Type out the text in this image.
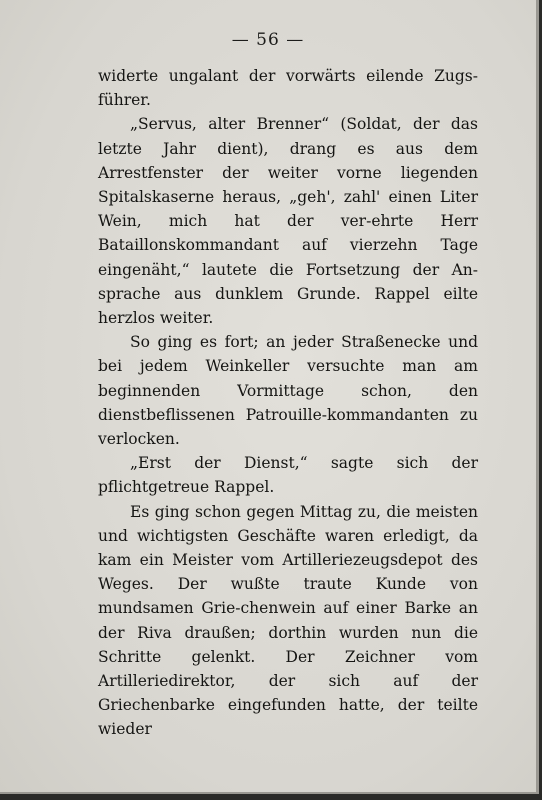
— 56 —

widerte ungalant der vorwärts eilende Zugs-führer.

„Servus, alter Brenner“ (Soldat, der das letzte Jahr dient), drang es aus dem Arrestfenster der weiter vorne liegenden Spitalskaserne heraus, „geh', zahl' einen Liter Wein, mich hat der ver-ehrte Herr Bataillonskommandant auf vierzehn Tage eingenäht,“ lautete die Fortsetzung der An-sprache aus dunklem Grunde. Rappel eilte herzlos weiter.

So ging es fort; an jeder Straßenecke und bei jedem Weinkeller versuchte man am beginnenden Vormittage schon, den dienstbeflissenen Patrouille-kommandanten zu verlocken.

„Erst der Dienst,“ sagte sich der pflichtgetreue Rappel.

Es ging schon gegen Mittag zu, die meisten und wichtigsten Geschäfte waren erledigt, da kam ein Meister vom Artilleriezeugsdepot des Weges. Der wußte traute Kunde von mundsamen Grie-chenwein auf einer Barke an der Riva draußen; dorthin wurden nun die Schritte gelenkt. Der Zeichner vom Artilleriedirektor, der sich auf der Griechenbarke eingefunden hatte, der teilte wieder
